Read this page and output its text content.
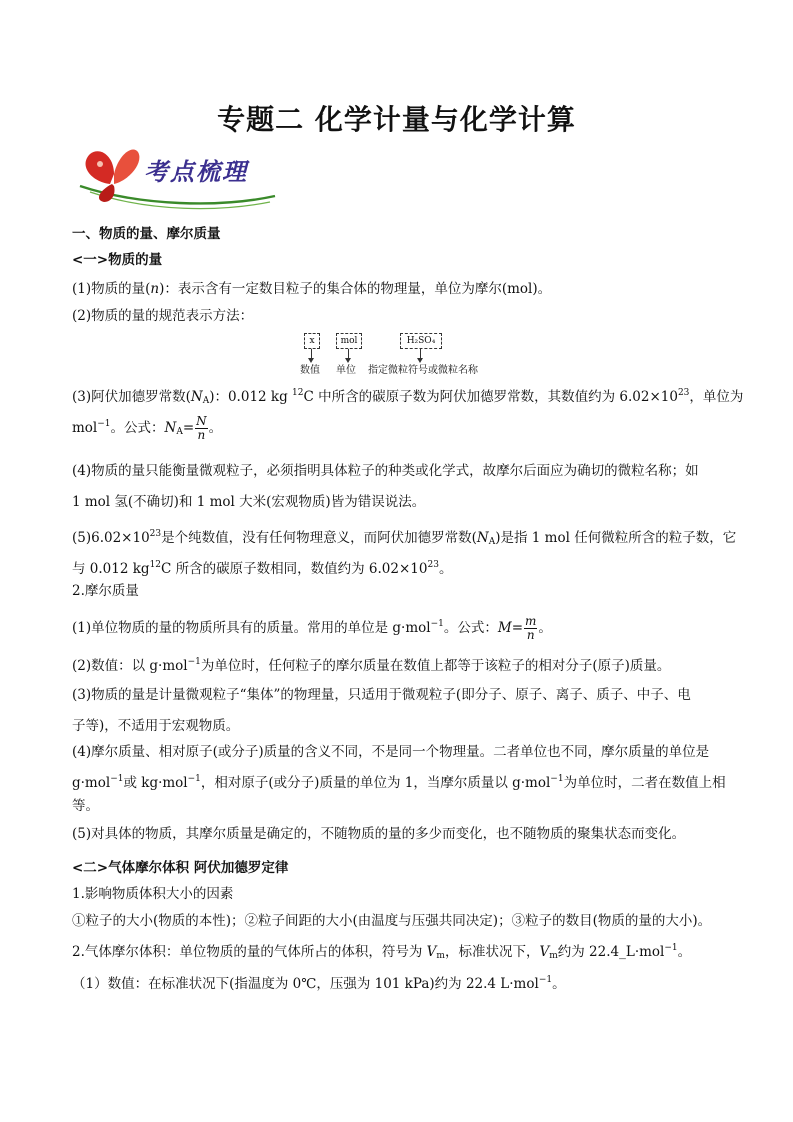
专题二 化学计量与化学计算
考点梳理
一、物质的量、摩尔质量
<一>物质的量
(1)物质的量(n)：表示含有一定数目粒子的集合体的物理量，单位为摩尔(mol)。
(2)物质的量的规范表示方法：
x	mol	H₂SO₄
数值 单位 指定微粒符号或微粒名称
(3)阿伏加德罗常数$(N_A)$：0.012 kg $^{12}$C 中所含的碳原子数为阿伏加德罗常数，其数值约为 $6.02\times 10^{23}$，单位为
mol$^{-1}$。公式：$N_A= \frac{N}{n}$ 。
(4)物质的量只能衡量微观粒子，必须指明具体粒子的种类或化学式，故摩尔后面应为确切的微粒名称；如
1 mol 氢(不确切)和 1 mol 大米(宏观物质)皆为错误说法。
$(5)6.02\times 10^{23}$是个纯数值，没有任何物理意义，而阿伏加德罗常数$(N_A)$是指 1 mol 任何微粒所含的粒子数，它
与 0.012 $kg^{12}C$ 所含的碳原子数相同，数值约为 $6.02\times 10^{23}$。
2.摩尔质量
(1)单位物质的量的物质所具有的质量。常用的单位是 g·mol$^{-1}$。公式：$M= \frac{m}{n}$ 。
(2)数值：以 g·mol$^{-1}$为单位时，任何粒子的摩尔质量在数值上都等于该粒子的相对分子(原子)质量。
(3)物质的量是计量微观粒子“集体”的物理量，只适用于微观粒子(即分子、原子、离子、质子、中子、电
子等)，不适用于宏观物质。
(4)摩尔质量、相对原子(或分子)质量的含义不同，不是同一个物理量。二者单位也不同，摩尔质量的单位是
g·mol$^{-1}$或 kg·mol$^{-1}$，相对原子(或分子)质量的单位为 1，当摩尔质量以 g·mol$^{-1}$为单位时，二者在数值上相
等。
(5)对具体的物质，其摩尔质量是确定的，不随物质的量的多少而变化，也不随物质的聚集状态而变化。
<二>气体摩尔体积 阿伏加德罗定律
1.影响物质体积大小的因素
①粒子的大小(物质的本性)；②粒子间距的大小(由温度与压强共同决定)；③粒子的数目(物质的量的大小)。
2.气体摩尔体积：单位物质的量的气体所占的体积，符号为 $V_m$，标准状况下，$V_m$约为 22.4_L·mol$^{-1}$。
（1）数值：在标准状况下(指温度为 0℃，压强为 101 kPa)约为 22.4 L·mol$^{-1}$。
